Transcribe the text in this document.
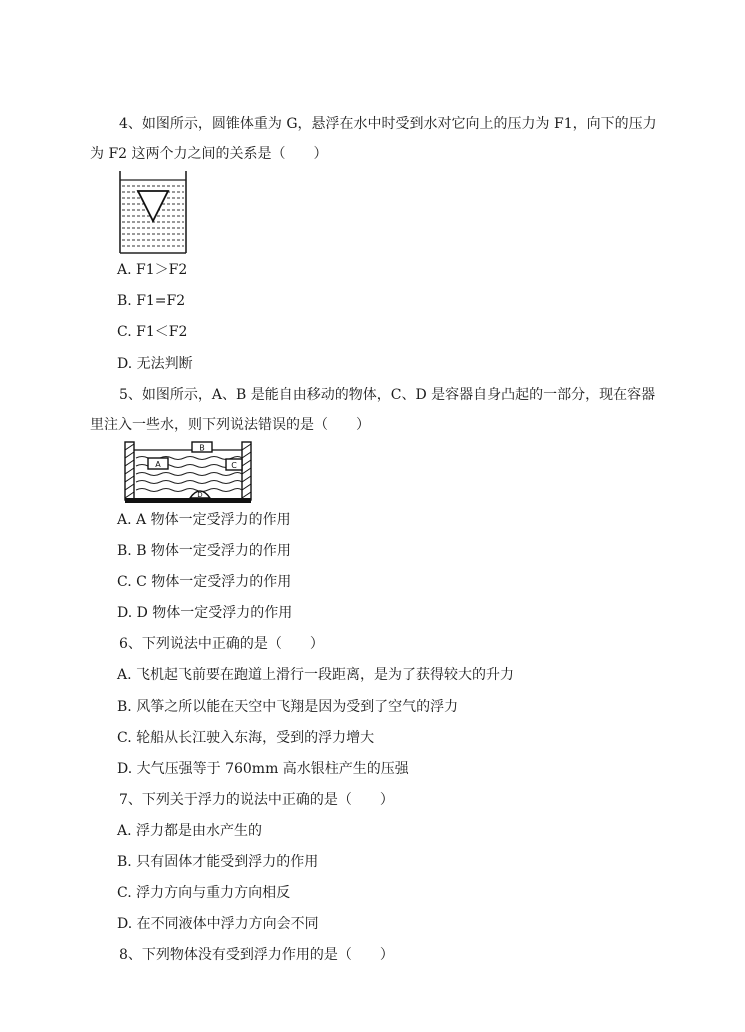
4、如图所示，圆锥体重为 G，悬浮在水中时受到水对它向上的压力为 F1，向下的压力
为 F2 这两个力之间的关系是（　　）
A. F1＞F2
B. F1=F2
C. F1＜F2
D. 无法判断
5、如图所示，A、B 是能自由移动的物体，C、D 是容器自身凸起的一部分，现在容器
里注入一些水，则下列说法错误的是（　　）
B
A	C
D
A. A 物体一定受浮力的作用
B. B 物体一定受浮力的作用
C. C 物体一定受浮力的作用
D. D 物体一定受浮力的作用
6、下列说法中正确的是（　　）
A. 飞机起飞前要在跑道上滑行一段距离，是为了获得较大的升力
B. 风筝之所以能在天空中飞翔是因为受到了空气的浮力
C. 轮船从长江驶入东海，受到的浮力增大
D. 大气压强等于 760mm 高水银柱产生的压强
7、下列关于浮力的说法中正确的是（　　）
A. 浮力都是由水产生的
B. 只有固体才能受到浮力的作用
C. 浮力方向与重力方向相反
D. 在不同液体中浮力方向会不同
8、下列物体没有受到浮力作用的是（　　）
